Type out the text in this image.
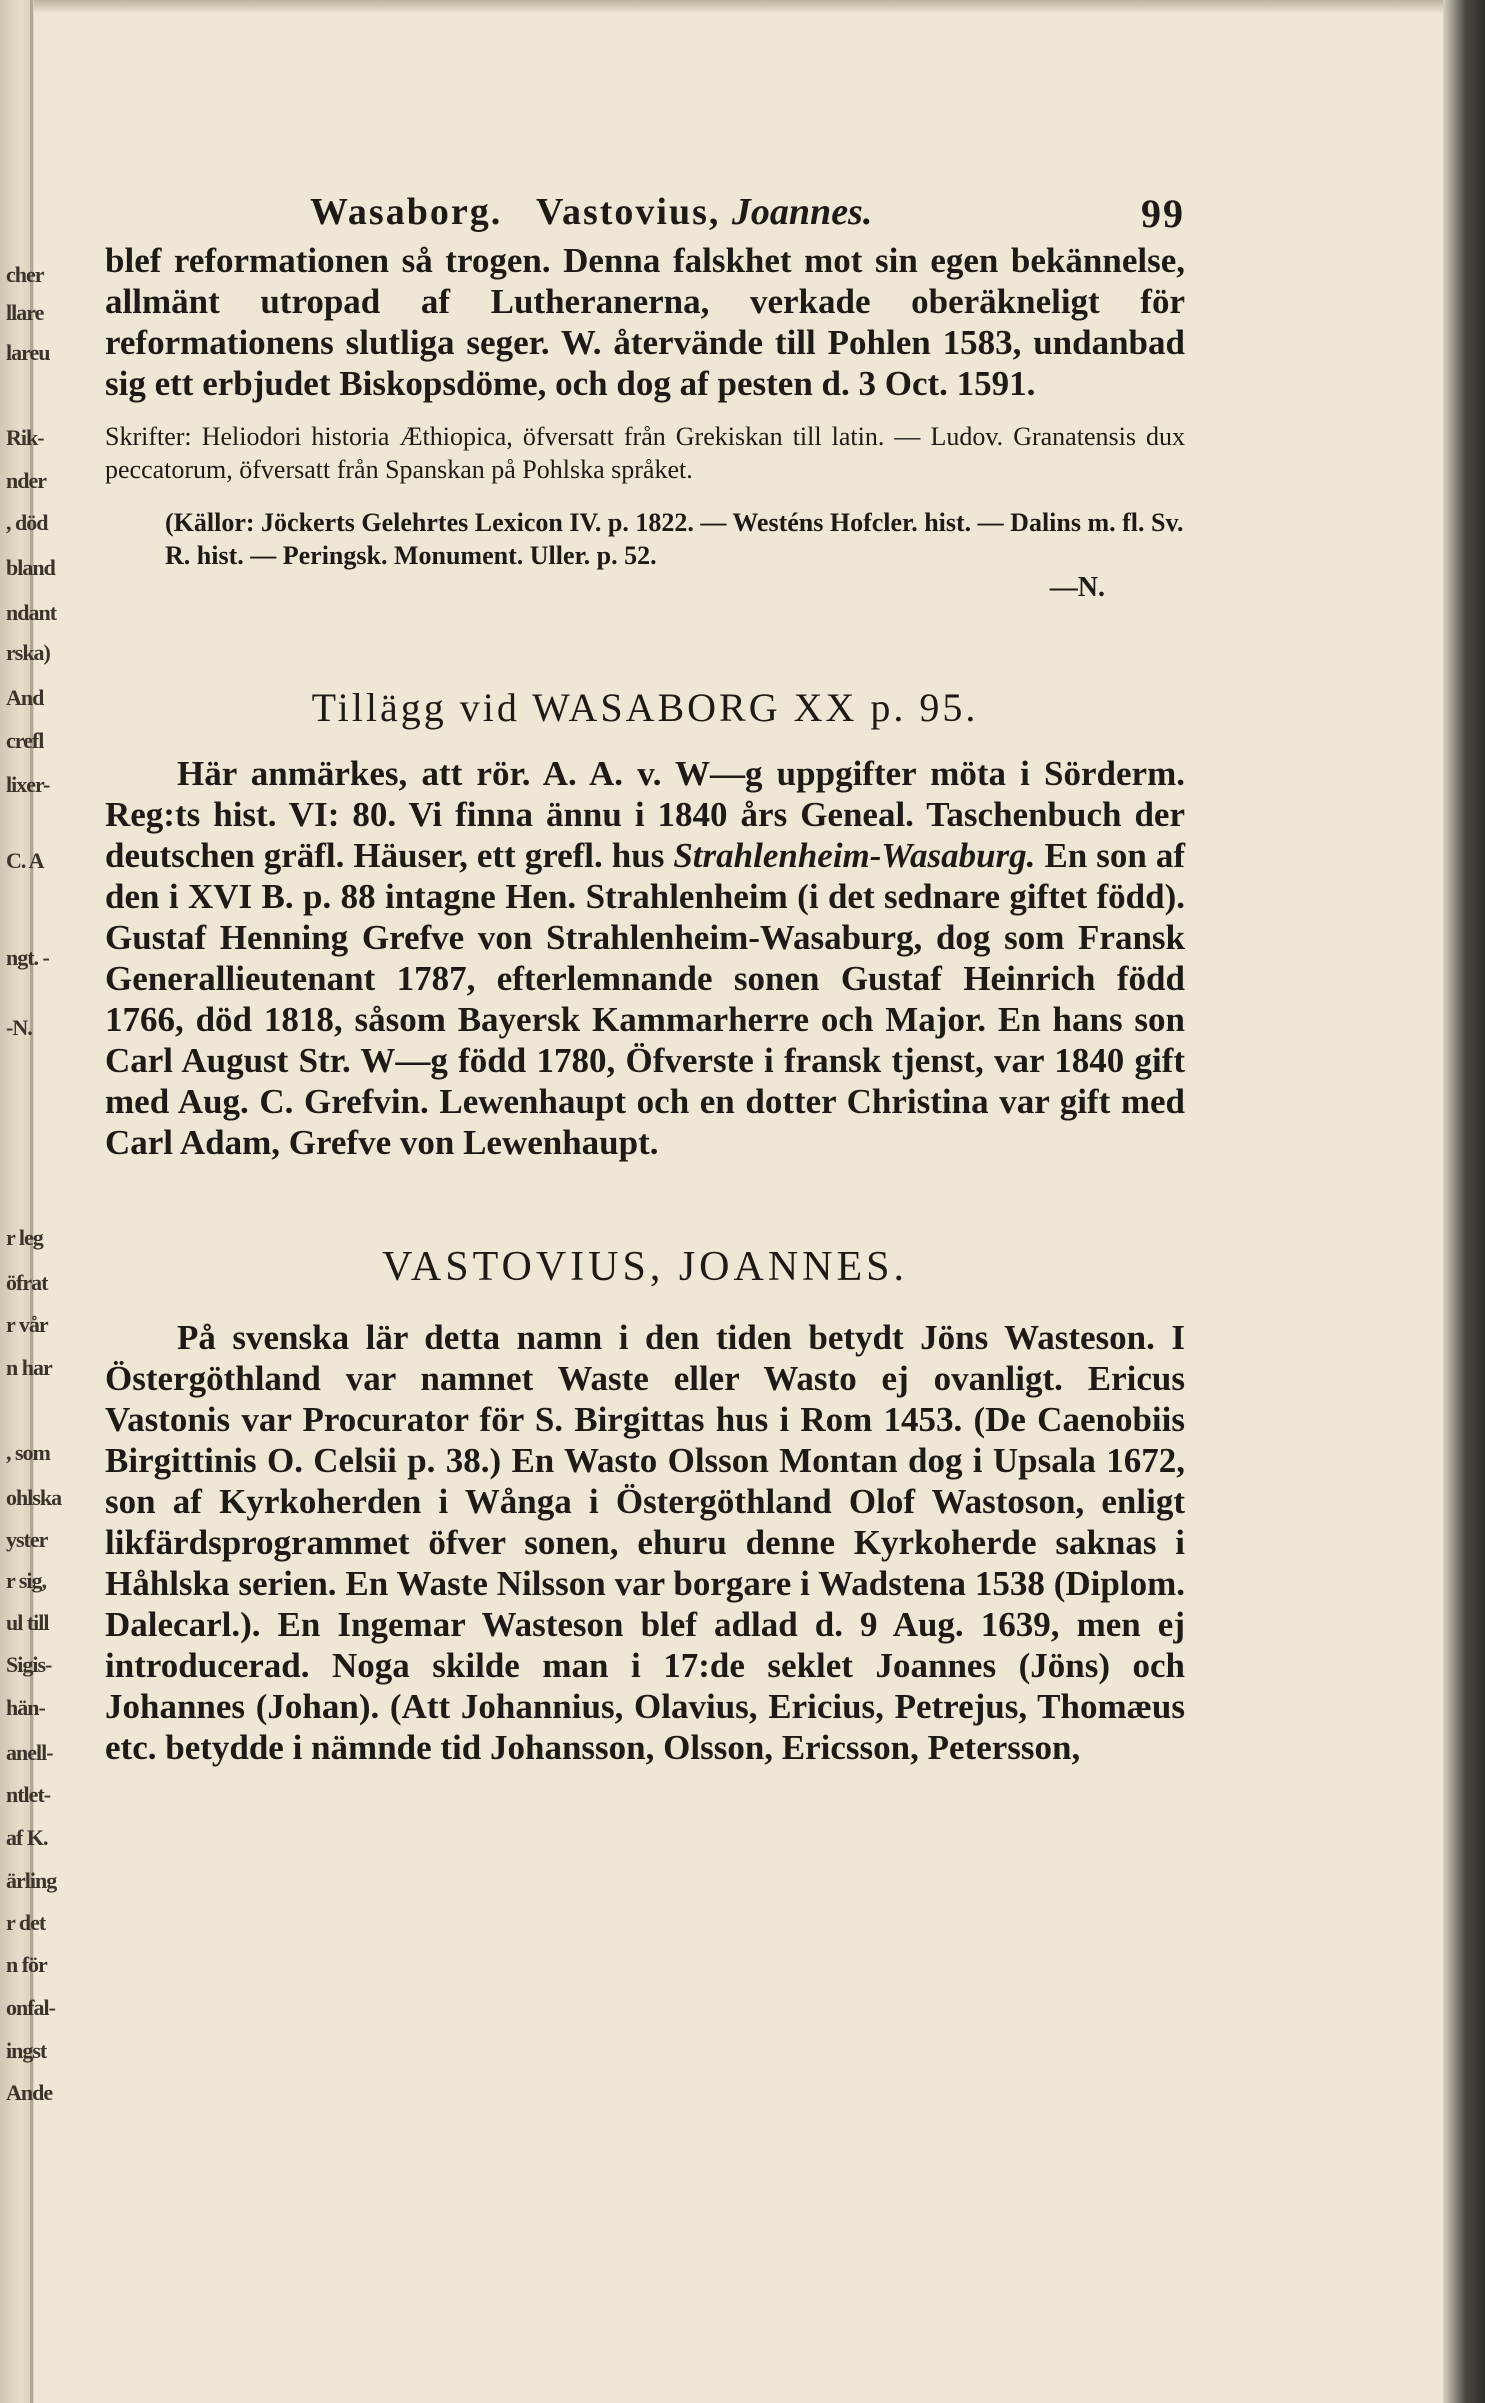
cher
llare
lareu
Rik-
nder
, död
bland
ndant
rska)
And
crefl
lixer-
C. A
ngt. -
-N.
r leg
öfrat
r vår
n har
, som
ohlska
yster
r sig,
ul till
Sigis-
hän-
anell-
ntlet-
af K.
ärling
r det
n för
onfal-
ingst
Ande
Wasaborg. Vastovius, Joannes.	99

blef reformationen så trogen. Denna falskhet mot sin egen bekännelse, allmänt utropad af Lutheranerna, verkade oberäkneligt för reformationens slutliga seger. W. återvände till Pohlen 1583, undanbad sig ett erbjudet Biskopsdöme, och dog af pesten d. 3 Oct. 1591.

Skrifter: Heliodori historia Æthiopica, öfversatt från Grekiskan till latin. — Ludov. Granatensis dux peccatorum, öfversatt från Spanskan på Pohlska språket.

(Källor: Jöckerts Gelehrtes Lexicon IV. p. 1822. — Westéns Hofcler. hist. — Dalins m. fl. Sv. R. hist. — Peringsk. Monument. Uller. p. 52.

—N.

Tillägg vid WASABORG XX p. 95.

Här anmärkes, att rör. A. A. v. W—g uppgifter möta i Sörderm. Reg:ts hist. VI: 80. Vi finna ännu i 1840 års Geneal. Taschenbuch der deutschen gräfl. Häuser, ett grefl. hus Strahlenheim-Wasaburg. En son af den i XVI B. p. 88 intagne Hen. Strahlenheim (i det sednare giftet född). Gustaf Henning Grefve von Strahlenheim-Wasaburg, dog som Fransk Generallieutenant 1787, efterlemnande sonen Gustaf Heinrich född 1766, död 1818, såsom Bayersk Kammarherre och Major. En hans son Carl August Str. W—g född 1780, Öfverste i fransk tjenst, var 1840 gift med Aug. C. Grefvin. Lewenhaupt och en dotter Christina var gift med Carl Adam, Grefve von Lewenhaupt.

VASTOVIUS, JOANNES.

På svenska lär detta namn i den tiden betydt Jöns Wasteson. I Östergöthland var namnet Waste eller Wasto ej ovanligt. Ericus Vastonis var Procurator för S. Birgittas hus i Rom 1453. (De Caenobiis Birgittinis O. Celsii p. 38.) En Wasto Olsson Montan dog i Upsala 1672, son af Kyrkoherden i Wånga i Östergöthland Olof Wastoson, enligt likfärdsprogrammet öfver sonen, ehuru denne Kyrkoherde saknas i Håhlska serien. En Waste Nilsson var borgare i Wadstena 1538 (Diplom. Dalecarl.). En Ingemar Wasteson blef adlad d. 9 Aug. 1639, men ej introducerad. Noga skilde man i 17:de seklet Joannes (Jöns) och Johannes (Johan). (Att Johannius, Olavius, Ericius, Petrejus, Thomæus etc. betydde i nämnde tid Johansson, Olsson, Ericsson, Petersson,
